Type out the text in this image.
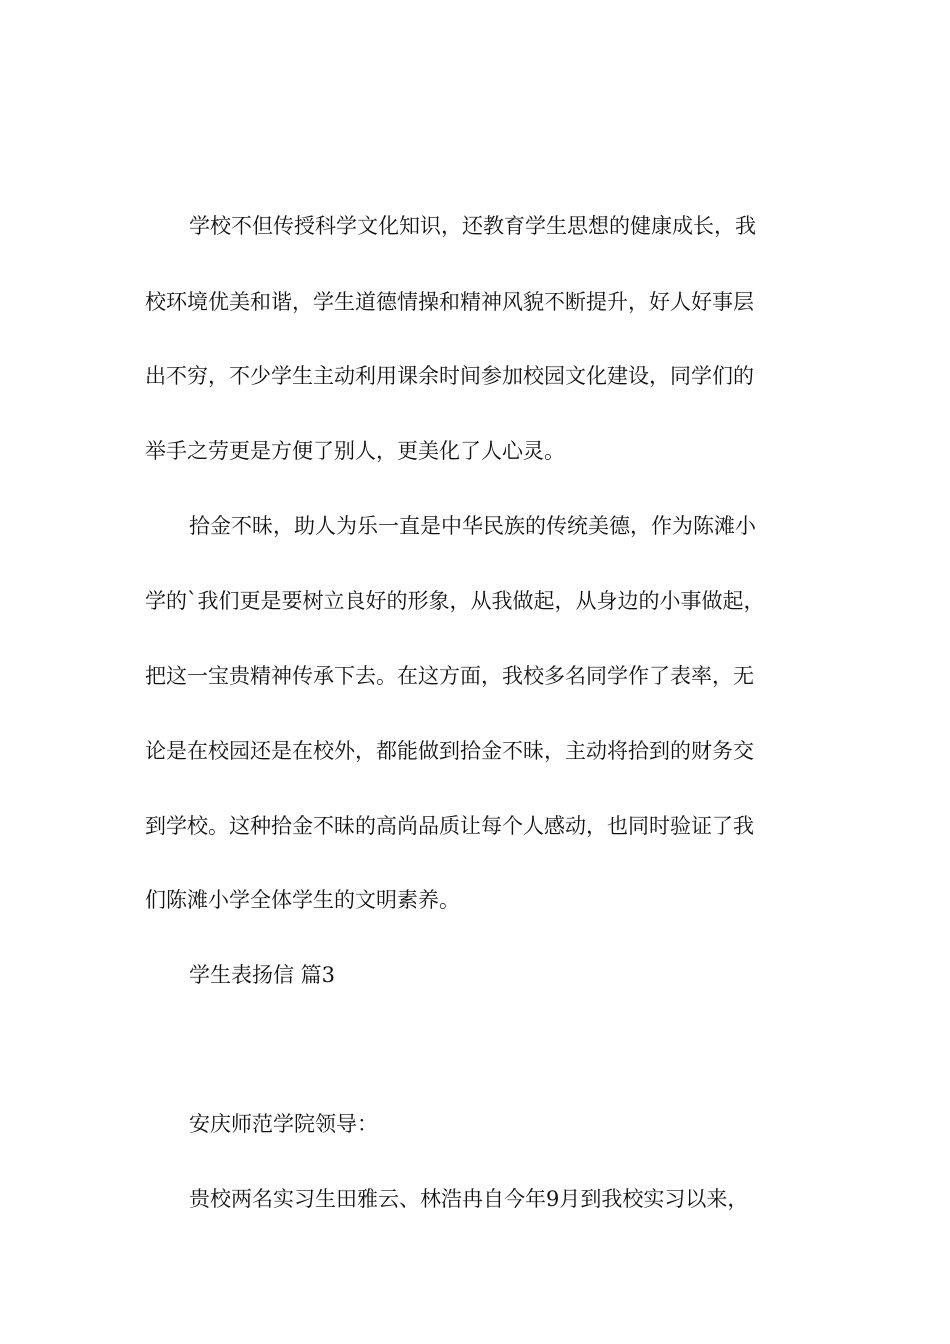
学校不但传授科学文化知识，还教育学生思想的健康成长，我
校环境优美和谐，学生道德情操和精神风貌不断提升，好人好事层
出不穷，不少学生主动利用课余时间参加校园文化建设，同学们的
举手之劳更是方便了别人，更美化了人心灵。
拾金不昧，助人为乐一直是中华民族的传统美德，作为陈滩小
学的`我们更是要树立良好的形象，从我做起，从身边的小事做起，
把这一宝贵精神传承下去。在这方面，我校多名同学作了表率，无
论是在校园还是在校外，都能做到拾金不昧，主动将拾到的财务交
到学校。这种拾金不昧的高尚品质让每个人感动，也同时验证了我
们陈滩小学全体学生的文明素养。
学生表扬信 篇3
安庆师范学院领导：
贵校两名实习生田雅云、林浩冉自今年9月到我校实习以来，
